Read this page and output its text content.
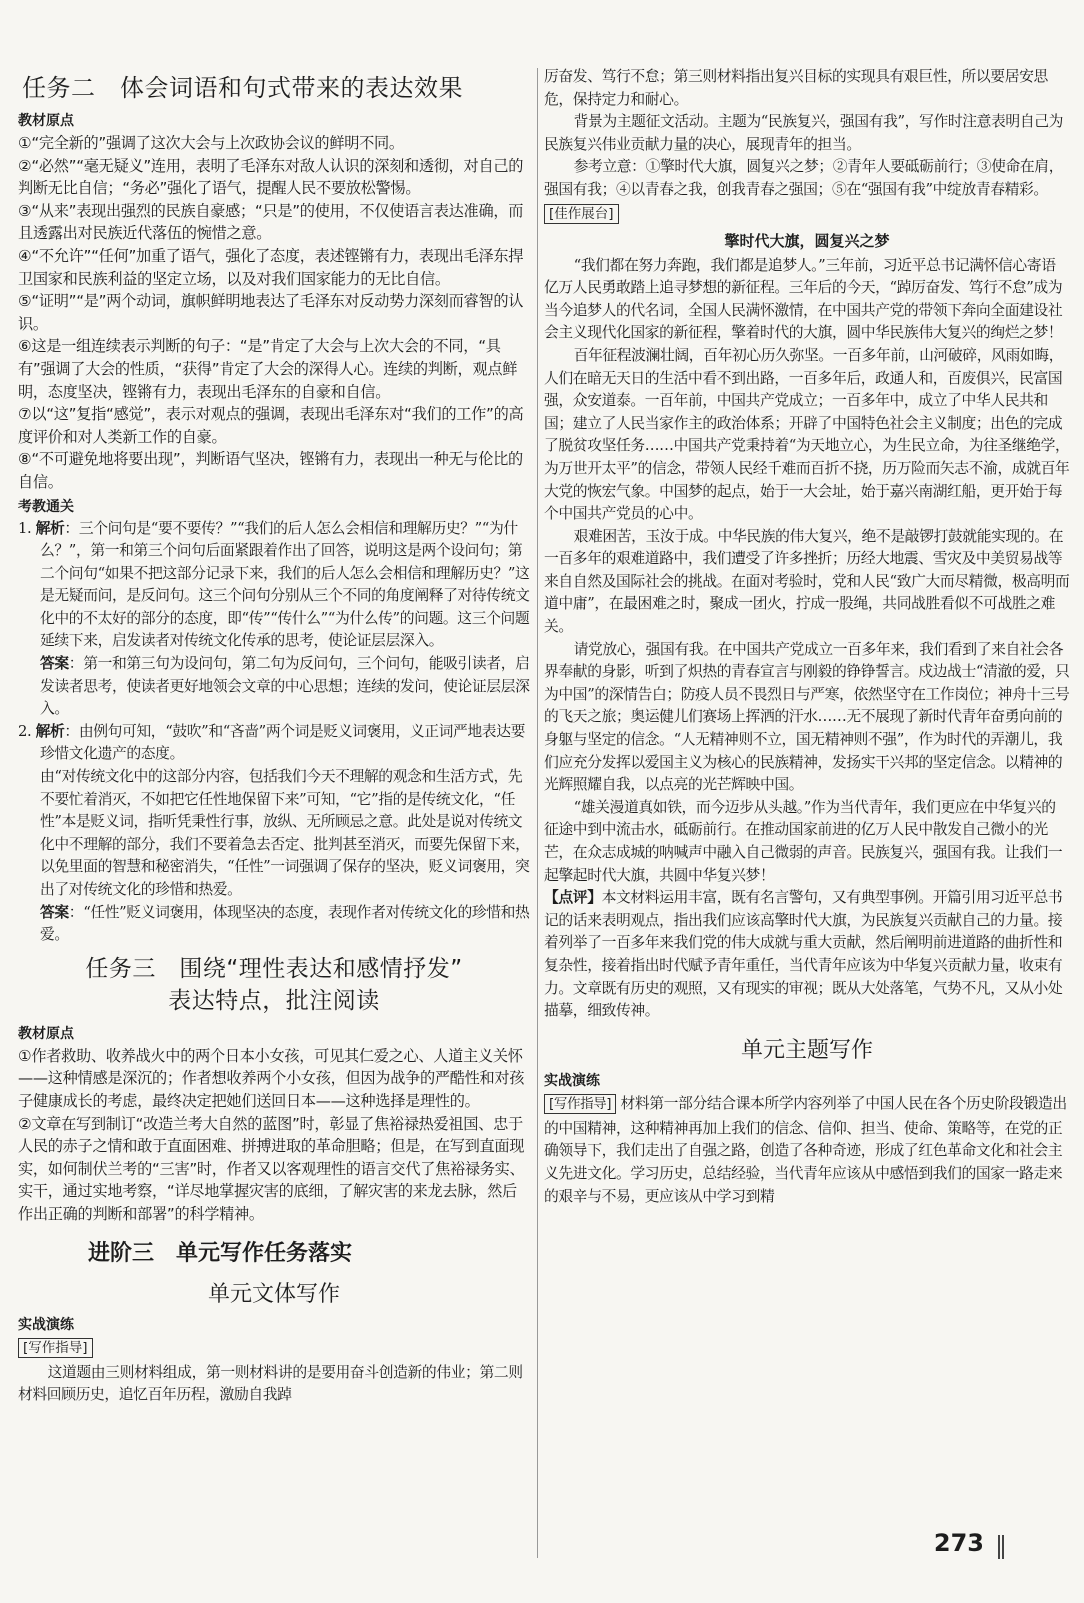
任务二　体会词语和句式带来的表达效果
教材原点

①“完全新的”强调了这次大会与上次政协会议的鲜明不同。

②“必然”“毫无疑义”连用，表明了毛泽东对敌人认识的深刻和透彻，对自己的判断无比自信；“务必”强化了语气，提醒人民不要放松警惕。

③“从来”表现出强烈的民族自豪感；“只是”的使用，不仅使语言表达准确，而且透露出对民族近代落伍的惋惜之意。

④“不允许”“任何”加重了语气，强化了态度，表述铿锵有力，表现出毛泽东捍卫国家和民族利益的坚定立场，以及对我们国家能力的无比自信。

⑤“证明”“是”两个动词，旗帜鲜明地表达了毛泽东对反动势力深刻而睿智的认识。

⑥这是一组连续表示判断的句子：“是”肯定了大会与上次大会的不同，“具有”强调了大会的性质，“获得”肯定了大会的深得人心。连续的判断，观点鲜明，态度坚决，铿锵有力，表现出毛泽东的自豪和自信。

⑦以“这”复指“感觉”，表示对观点的强调，表现出毛泽东对“我们的工作”的高度评价和对人类新工作的自豪。

⑧“不可避免地将要出现”，判断语气坚决，铿锵有力，表现出一种无与伦比的自信。

考教通关

1. 解析：三个问句是“要不要传？”“我们的后人怎么会相信和理解历史？”“为什么？”，第一和第三个问句后面紧跟着作出了回答，说明这是两个设问句；第二个问句“如果不把这部分记录下来，我们的后人怎么会相信和理解历史？”这是无疑而问，是反问句。这三个问句分别从三个不同的角度阐释了对待传统文化中的不太好的部分的态度，即“传”“传什么”“为什么传”的问题。这三个问题延续下来，启发读者对传统文化传承的思考，使论证层层深入。

答案：第一和第三句为设问句，第二句为反问句，三个问句，能吸引读者，启发读者思考，使读者更好地领会文章的中心思想；连续的发问，使论证层层深入。

2. 解析：由例句可知，“鼓吹”和“吝啬”两个词是贬义词褒用，义正词严地表达要珍惜文化遗产的态度。

由“对传统文化中的这部分内容，包括我们今天不理解的观念和生活方式，先不要忙着消灭，不如把它任性地保留下来”可知，“它”指的是传统文化，“任性”本是贬义词，指听凭秉性行事，放纵、无所顾忌之意。此处是说对传统文化中不理解的部分，我们不要着急去否定、批判甚至消灭，而要先保留下来，以免里面的智慧和秘密消失，“任性”一词强调了保存的坚决，贬义词褒用，突出了对传统文化的珍惜和热爱。

答案：“任性”贬义词褒用，体现坚决的态度，表现作者对传统文化的珍惜和热爱。

任务三　围绕“理性表达和感情抒发”
表达特点，批注阅读
教材原点

①作者救助、收养战火中的两个日本小女孩，可见其仁爱之心、人道主义关怀——这种情感是深沉的；作者想收养两个小女孩，但因为战争的严酷性和对孩子健康成长的考虑，最终决定把她们送回日本——这种选择是理性的。

②文章在写到制订“改造兰考大自然的蓝图”时，彰显了焦裕禄热爱祖国、忠于人民的赤子之情和敢于直面困难、拼搏进取的革命胆略；但是，在写到直面现实，如何制伏兰考的“三害”时，作者又以客观理性的语言交代了焦裕禄务实、实干，通过实地考察，“详尽地掌握灾害的底细，了解灾害的来龙去脉，然后作出正确的判断和部署”的科学精神。

进阶三　单元写作任务落实
单元文体写作
实战演练
[写作指导]

这道题由三则材料组成，第一则材料讲的是要用奋斗创造新的伟业；第二则材料回顾历史，追忆百年历程，激励自我踔

厉奋发、笃行不怠；第三则材料指出复兴目标的实现具有艰巨性，所以要居安思危，保持定力和耐心。

背景为主题征文活动。主题为“民族复兴，强国有我”，写作时注意表明自己为民族复兴伟业贡献力量的决心，展现青年的担当。

参考立意：①擎时代大旗，圆复兴之梦；②青年人要砥砺前行；③使命在肩，强国有我；④以青春之我，创我青春之强国；⑤在“强国有我”中绽放青春精彩。

[佳作展台]
擎时代大旗，圆复兴之梦

“我们都在努力奔跑，我们都是追梦人。”三年前，习近平总书记满怀信心寄语亿万人民勇敢踏上追寻梦想的新征程。三年后的今天，“踔厉奋发、笃行不怠”成为当今追梦人的代名词，全国人民满怀激情，在中国共产党的带领下奔向全面建设社会主义现代化国家的新征程，擎着时代的大旗，圆中华民族伟大复兴的绚烂之梦！

百年征程波澜壮阔，百年初心历久弥坚。一百多年前，山河破碎，风雨如晦，人们在暗无天日的生活中看不到出路，一百多年后，政通人和，百废俱兴，民富国强，众安道泰。一百年前，中国共产党成立；一百多年中，成立了中华人民共和国；建立了人民当家作主的政治体系；开辟了中国特色社会主义制度；出色的完成了脱贫攻坚任务……中国共产党秉持着“为天地立心，为生民立命，为往圣继绝学，为万世开太平”的信念，带领人民经千难而百折不挠，历万险而矢志不渝，成就百年大党的恢宏气象。中国梦的起点，始于一大会址，始于嘉兴南湖红船，更开始于每个中国共产党员的心中。

艰难困苦，玉汝于成。中华民族的伟大复兴，绝不是敲锣打鼓就能实现的。在一百多年的艰难道路中，我们遭受了许多挫折；历经大地震、雪灾及中美贸易战等来自自然及国际社会的挑战。在面对考验时，党和人民“致广大而尽精微，极高明而道中庸”，在最困难之时，聚成一团火，拧成一股绳，共同战胜看似不可战胜之难关。

请党放心，强国有我。在中国共产党成立一百多年来，我们看到了来自社会各界奉献的身影，听到了炽热的青春宣言与刚毅的铮铮誓言。戍边战士“清澈的爱，只为中国”的深情告白；防疫人员不畏烈日与严寒，依然坚守在工作岗位；神舟十三号的飞天之旅；奥运健儿们赛场上挥洒的汗水……无不展现了新时代青年奋勇向前的身躯与坚定的信念。“人无精神则不立，国无精神则不强”，作为时代的弄潮儿，我们应充分发挥以爱国主义为核心的民族精神，发扬实干兴邦的坚定信念。以精神的光辉照耀自我，以点亮的光芒辉映中国。

“雄关漫道真如铁，而今迈步从头越。”作为当代青年，我们更应在中华复兴的征途中到中流击水，砥砺前行。在推动国家前进的亿万人民中散发自己微小的光芒，在众志成城的呐喊声中融入自己微弱的声音。民族复兴，强国有我。让我们一起擎起时代大旗，共圆中华复兴梦！

【点评】本文材料运用丰富，既有名言警句，又有典型事例。开篇引用习近平总书记的话来表明观点，指出我们应该高擎时代大旗，为民族复兴贡献自己的力量。接着列举了一百多年来我们党的伟大成就与重大贡献，然后阐明前进道路的曲折性和复杂性，接着指出时代赋予青年重任，当代青年应该为中华复兴贡献力量，收束有力。文章既有历史的观照，又有现实的审视；既从大处落笔，气势不凡，又从小处描摹，细致传神。

单元主题写作
实战演练

[写作指导] 材料第一部分结合课本所学内容列举了中国人民在各个历史阶段锻造出的中国精神，这种精神再加上我们的信念、信仰、担当、使命、策略等，在党的正确领导下，我们走出了自强之路，创造了各种奇迹，形成了红色革命文化和社会主义先进文化。学习历史，总结经验，当代青年应该从中感悟到我们的国家一路走来的艰辛与不易，更应该从中学习到精

273
